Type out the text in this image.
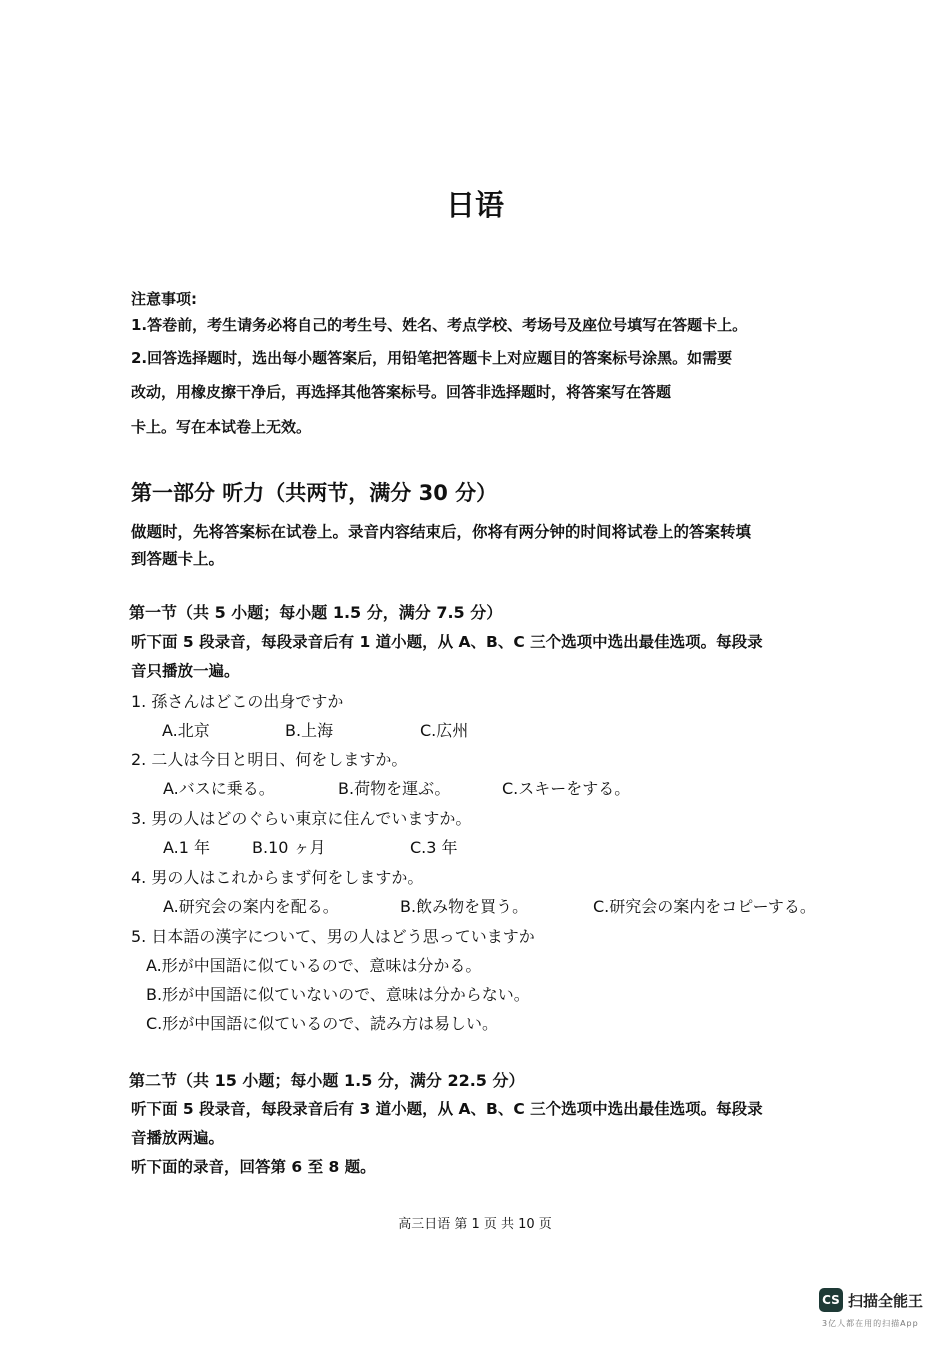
日语
注意事项:
1.答卷前，考生请务必将自己的考生号、姓名、考点学校、考场号及座位号填写在答题卡上。
2.回答选择题时，选出每小题答案后，用铅笔把答题卡上对应题目的答案标号涂黑。如需要
改动，用橡皮擦干净后，再选择其他答案标号。回答非选择题时，将答案写在答题
卡上。写在本试卷上无效。
第一部分 听力（共两节，满分 30 分）
做题时，先将答案标在试卷上。录音内容结束后，你将有两分钟的时间将试卷上的答案转填
到答题卡上。
第一节（共 5 小题；每小题 1.5 分，满分 7.5 分）
听下面 5 段录音，每段录音后有 1 道小题，从 A、B、C 三个选项中选出最佳选项。每段录
音只播放一遍。
1. 孫さんはどこの出身ですか
A.北京	B.上海	C.広州
2. 二人は今日と明日、何をしますか。
A.バスに乗る。	B.荷物を運ぶ。	C.スキーをする。
3. 男の人はどのぐらい東京に住んでいますか。
A.1 年	B.10 ヶ月	C.3 年
4. 男の人はこれからまず何をしますか。
A.研究会の案内を配る。	B.飲み物を買う。	C.研究会の案内をコピーする。
5. 日本語の漢字について、男の人はどう思っていますか
A.形が中国語に似ているので、意味は分かる。
B.形が中国語に似ていないので、意味は分からない。
C.形が中国語に似ているので、読み方は易しい。
第二节（共 15 小题；每小题 1.5 分，满分 22.5 分）
听下面 5 段录音，每段录音后有 3 道小题，从 A、B、C 三个选项中选出最佳选项。每段录
音播放两遍。
听下面的录音，回答第 6 至 8 题。
高三日语 第 1 页 共 10 页
CS 扫描全能王
3亿人都在用的扫描App
